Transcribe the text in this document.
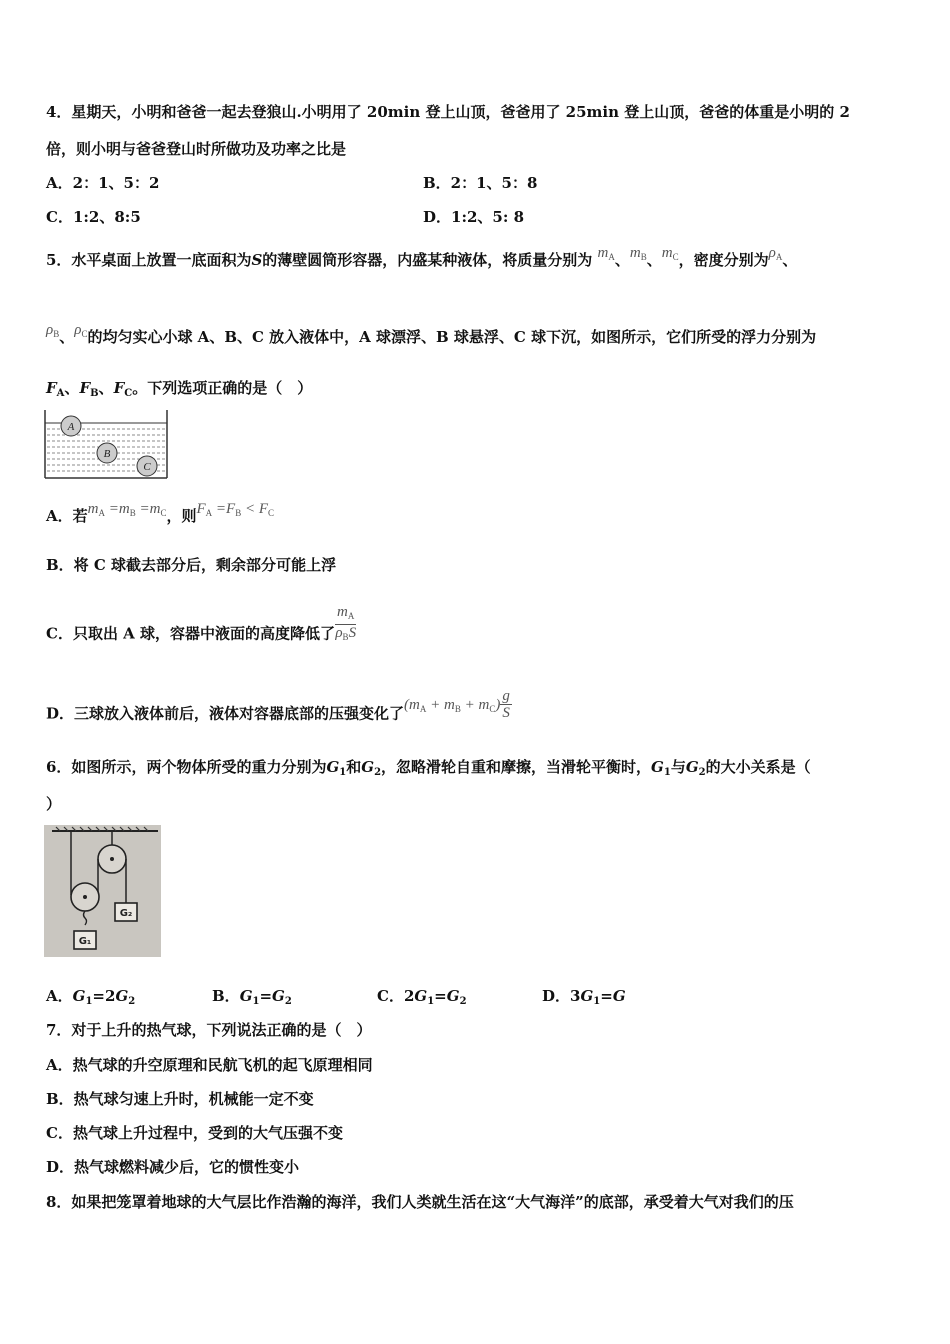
4．星期天，小明和爸爸一起去登狼山.小明用了 20min 登上山顶，爸爸用了 25min 登上山顶，爸爸的体重是小明的 2
倍，则小明与爸爸登山时所做功及功率之比是
A．2：1、5：2	B．2：1、5：8
C．1:2、8:5	D．1:2、5: 8
5．水平桌面上放置一底面积为S的薄壁圆筒形容器，内盛某种液体，将质量分别为 $m_A$、$m_B$、$m_C$，密度分别为$\rho_A$、
$\rho_B$、$\rho_C$的均匀实心小球 A、B、C 放入液体中，A 球漂浮、B 球悬浮、C 球下沉，如图所示，它们所受的浮力分别为
$F_A$、$F_B$、$F_C$。下列选项正确的是（　）
A
B
C
A．若$m_A =m_B =m_C$，则$F_A =F_B < F_C$
B．将 C 球截去部分后，剩余部分可能上浮
C．只取出 A 球，容器中液面的高度降低了 $\frac{m_A}{\rho_BS}$
D．三球放入液体前后，液体对容器底部的压强变化了$(m_A + m_B + m_C) \frac{g}{S}$
6．如图所示，两个物体所受的重力分别为$G_1$和$G_2$，忽略滑轮自重和摩擦，当滑轮平衡时，$G_1$与$G_2$的大小关系是（
）
G₁
G₂
A．$G_1=2G_2$	B．$G_1=G_2$	C．$2G_1=G_2$	D．$3G_1=G$
7．对于上升的热气球，下列说法正确的是（　）
A．热气球的升空原理和民航飞机的起飞原理相同
B．热气球匀速上升时，机械能一定不变
C．热气球上升过程中，受到的大气压强不变
D．热气球燃料减少后，它的惯性变小
8．如果把笼罩着地球的大气层比作浩瀚的海洋，我们人类就生活在这“大气海洋”的底部，承受着大气对我们的压
